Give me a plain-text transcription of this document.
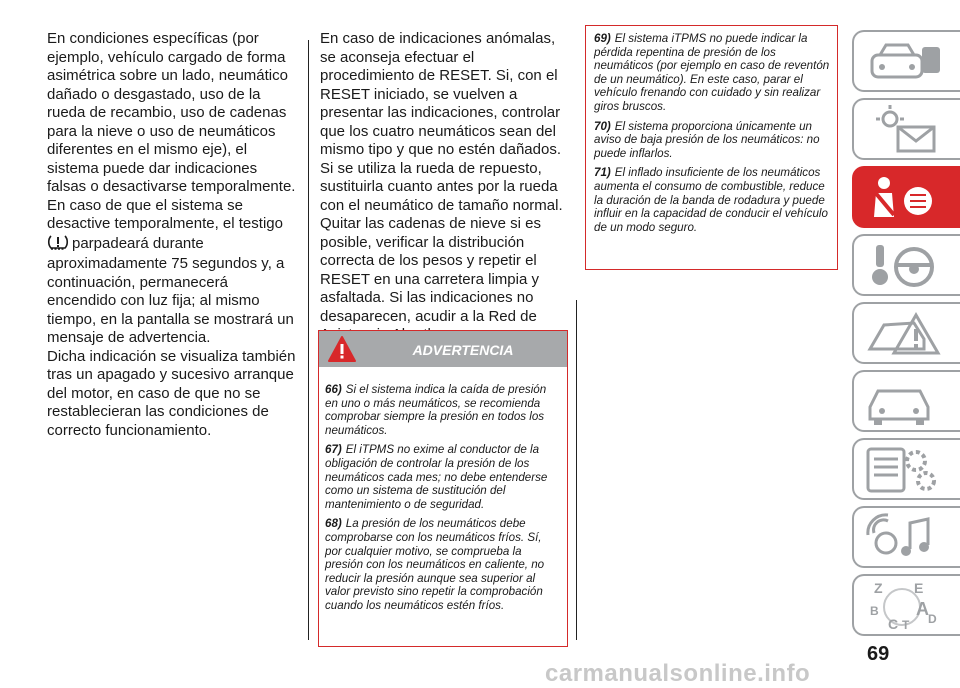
En condiciones específicas (por ejemplo, vehículo cargado de forma asimétrica sobre un lado, neumático dañado o desgastado, uso de la rueda de recambio, uso de cadenas para la nieve o uso de neumáticos diferentes en el mismo eje), el sistema puede dar indicaciones falsas o desactivarse temporalmente.

En caso de que el sistema se desactive temporalmente, el testigo
parpadeará durante aproximadamente 75 segundos y, a continuación, permanecerá encendido con luz fija; al mismo tiempo, en la pantalla se mostrará un mensaje de advertencia.

Dicha indicación se visualiza también tras un apagado y sucesivo arranque del motor, en caso de que no se restablecieran las condiciones de correcto funcionamiento.

En caso de indicaciones anómalas, se aconseja efectuar el procedimiento de RESET. Si, con el RESET iniciado, se vuelven a presentar las indicaciones, controlar que los cuatro neumáticos sean del mismo tipo y que no estén dañados. Si se utiliza la rueda de repuesto, sustituirla cuanto antes por la rueda con el neumático de tamaño normal. Quitar las cadenas de nieve si es posible, verificar la distribución correcta de los pesos y repetir el RESET en una carretera limpia y asfaltada. Si las indicaciones no desaparecen, acudir a la Red de

ADVERTENCIA

66) Si el sistema indica la caída de presión en uno o más neumáticos, se recomienda comprobar siempre la presión en todos los neumáticos.

67) El iTPMS no exime al conductor de la obligación de controlar la presión de los neumáticos cada mes; no debe entenderse como un sistema de sustitución del mantenimiento o de seguridad.

68) La presión de los neumáticos debe comprobarse con los neumáticos fríos. Sí, por cualquier motivo, se comprueba la presión con los neumáticos en caliente, no reducir la presión aunque sea superior al valor previsto sino repetir la comprobación cuando los neumáticos estén fríos.

69) El sistema iTPMS no puede indicar la pérdida repentina de presión de los neumáticos (por ejemplo en caso de reventón de un neumático). En este caso, parar el vehículo frenando con cuidado y sin realizar giros bruscos.

70) El sistema proporciona únicamente un aviso de baja presión de los neumáticos: no puede inflarlos.

71) El inflado insuficiente de los neumáticos aumenta el consumo de combustible, reduce la duración de la banda de rodadura y puede influir en la capacidad de conducir el vehículo de un modo seguro.

Z E
B A
C D
T
69
carmanualsonline.info
